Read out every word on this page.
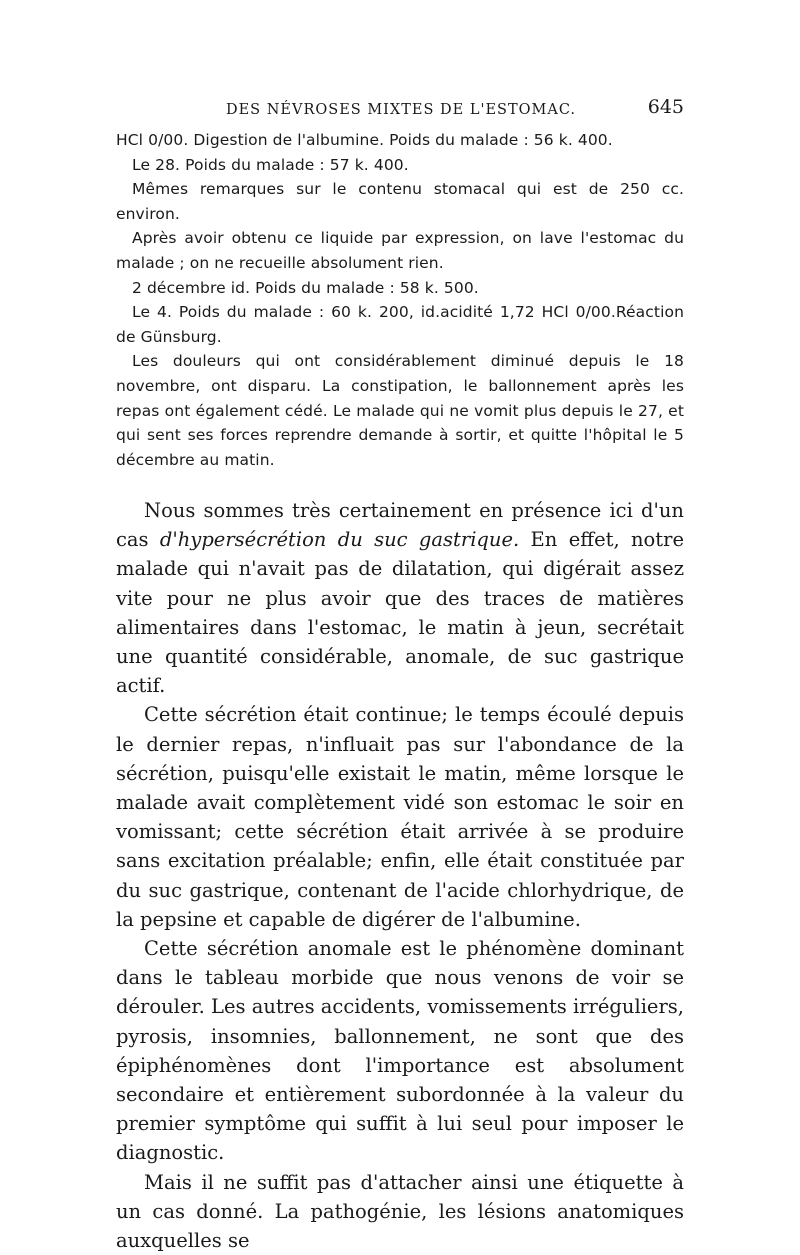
DES NÉVROSES MIXTES DE L'ESTOMAC.	645

HCl 0/00. Digestion de l'albumine. Poids du malade : 56 k. 400.

Le 28. Poids du malade : 57 k. 400.

Mêmes remarques sur le contenu stomacal qui est de 250 cc. environ.

Après avoir obtenu ce liquide par expression, on lave l'estomac du malade ; on ne recueille absolument rien.

2 décembre id. Poids du malade : 58 k. 500.

Le 4. Poids du malade : 60 k. 200, id.acidité 1,72 HCl 0/00.Réaction de Günsburg.

Les douleurs qui ont considérablement diminué depuis le 18 novembre, ont disparu. La constipation, le ballonnement après les repas ont également cédé. Le malade qui ne vomit plus depuis le 27, et qui sent ses forces reprendre demande à sortir, et quitte l'hôpital le 5 décembre au matin.

Nous sommes très certainement en présence ici d'un cas d'hypersécrétion du suc gastrique. En effet, notre malade qui n'avait pas de dilatation, qui digérait assez vite pour ne plus avoir que des traces de matières alimentaires dans l'estomac, le matin à jeun, secrétait une quantité considérable, anomale, de suc gastrique actif.

Cette sécrétion était continue; le temps écoulé depuis le dernier repas, n'influait pas sur l'abondance de la sécrétion, puisqu'elle existait le matin, même lorsque le malade avait complètement vidé son estomac le soir en vomissant; cette sécrétion était arrivée à se produire sans excitation préalable; enfin, elle était constituée par du suc gastrique, contenant de l'acide chlorhydrique, de la pepsine et capable de digérer de l'albumine.

Cette sécrétion anomale est le phénomène dominant dans le tableau morbide que nous venons de voir se dérouler. Les autres accidents, vomissements irréguliers, pyrosis, insomnies, ballonnement, ne sont que des épiphénomènes dont l'importance est absolument secondaire et entièrement subordonnée à la valeur du premier symptôme qui suffit à lui seul pour imposer le diagnostic.

Mais il ne suffit pas d'attacher ainsi une étiquette à un cas donné. La pathogénie, les lésions anatomiques auxquelles se
